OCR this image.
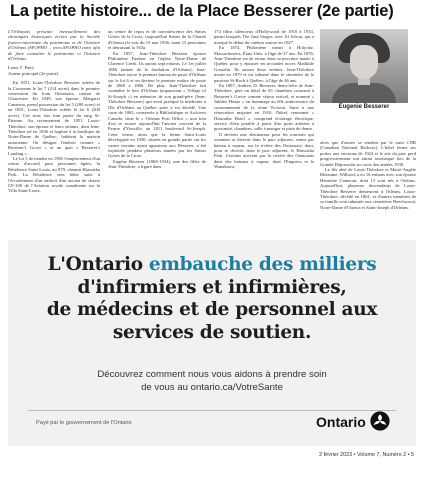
La petite histoire... de la Place Besserer (2e partie)

L'Orléanais présente mensuellement des chroniques historiques écrites par la Société franco-ontarienne du patrimoine et de l'histoire d'Orléans (SFOPHO – www.SFOPHO.com) afin de faire connaître le patrimoine et l'histoire d'Orléans.

Louis V. Patry

Auteur principal (2e partie)

En 1851, Louis-Théodore Besserer achète de la Couronne le lot 7 (214 acres) dans le premier concession du front Outaouais, canton de Gloucester. En 1849, son épouse, Margaret Cameron, prend possession du lot 5 (200 acres) et en 1851, Louis-Théodore achète le lot 6 (200 acres). Ces trois lots font partie du rang St-Étienne. Au recensement de 1851, Louis-Théodore, son épouse et leurs enfants, dont Jean-Théodore né en 1836 et baptisé à la basilique de Notre-Dame de Québec, habitent la maison ontarienne. On désigne l'endroit comme « Besserer's Grove » et un quai « Besserer's Landing ».

Le lot 5 deviendra en 1965 l'emplacement d'un centre d'accueil pour personnes âgées, la Résidence Saint-Louis, au 879, chemin Hiawatha Park. La Résidence sera bâtie suite à l'écroulement d'un endroit d'un ancien de chasse CF-100 de l'Aviation royale canadienne sur la Villa Saint-Louis,

un centre de repos et de convalescence des Sœurs Grises de la Croix, (aujourd'hui Sœurs de la Charité d'Ottawa) le soir du 15 mai 1956, tuant 15 personnes et détruisant la Villa.

En 1857, Jean-Théodore Besserer épouse Philomène Faubert en l'église Notre-Dame de Clarence Creek. Ils auront sept enfants. Le 1er juillet 1860 (année de la fondation d'Orléans), Jean-Théodore ouvre le premier bureau de poste d'Orléans sur le lot 6 et en devient le premier maître de poste de 1860 à 1866. De plus, Jean-Théodore fait connaître le lieu d'Orléans (auparavant « Village of St-Joseph ») en mémoire de son grand-père (Jean-Théodore Besserer) qui avait pratiqué la médecine à l'île d'Orléans au Québec pour y est décédé. Une carte de 1863, conservée à Bibliothèque et Archives Canada, situe le « Orleans Post Office » non loin d'où se trouve aujourd'hui l'ancien couvent de la Ferme d'Youville, au 1811 boulevard St-Joseph. Cette ferme, ainsi que la ferme Saint-Louis développée en 1950, situées en grande partie sur les vastes terrains ayant appartenu aux Besserer, a été exploitée pendant plusieurs années par les Sœurs Grises de la Croix.

Eugène Besserer (1868-1934), une des filles de Jean-Théodore, a figuré dans

174 films silencieux d'Hollywood de 1910 à 1933, parmi lesquels The Jazz Singer, avec Al Jolson, qui a marqué le début du cinéma sonore en 1927.

En 1874, Philomène meurt à Holyoke, Massachusetts, États-Unis, à l'âge de 37 ans. En 1876, Jean-Théodore est de retour dans sa province natale à Québec pour y épouser en secondes noces Mathilde Gosselin. Ils auront deux enfants. Jean-Théodore meurt en 1879 et est inhumé dans le cimetière de la paroisse St-Roch à Québec, à l'âge de 46 ans.

En 1897, Andrew D. Besserer, demi-frère de Jean-Théodore, gère un hôtel de 65 chambres construit à Besserer's Grove comme séjour estival, et nommé « Jubilee House » en hommage au 60e anniversaire du couronnement de la reine Victoria. Suite à une rénovation majeure en 1910, l'hôtel, renommé « Hiawatha Hotel », comprend éclairage électrique, service d'eau potable à partir d'un puits artésien à proximité, chambres, salle à manger et piste de danse.

Il devient une destination pour les touristes qui viennent se divertir dans le parc adjacent, venus par bateau à vapeur, sur la rivière des Outaouais, dont, pour se divertir dans le parc adjacent, le Hiawatha Park. Certains arrivent par la rivière des Outaouais dans des bateaux à vapeur, dont l'Empress et le Wanakawa,

alors que d'autres se rendent par le train CNR (Canadian National Railway), L'hôtel ferme ses portes aux environs de 1924 et le site du parc perd progressivement son attrait touristique lors de la Grande Dépression au cours des années 1930.

Le fils aîné de Louis-Théodore et Marie-Angèle Rhéaume, Wilbrod, a eu 16 enfants avec son épouse Henriette Cameron, dont 13 sont nés à Orléans. Aujourd'hui, plusieurs descendants de Louis-Théodore Besserer demeurent à Orléans. Louis-Théodore, décédé en 1861, et d'autres membres de sa famille sont inhumés aux cimetières Beechwood, Notre-Dame d'Ottawa et Saint-Joseph d'Orléans.

Eugenie Besserer
L'Ontario embauche des milliers
d'infirmiers et infirmières,
de médecins et de personnel aux
services de soutien.
Découvrez comment nous vous aidons à prendre soin
de vous au ontario.ca/VotreSante
Payé par le gouvernement de l'Ontario	Ontario
2 février 2023 • Volume 7, Numéro 2 • 5
